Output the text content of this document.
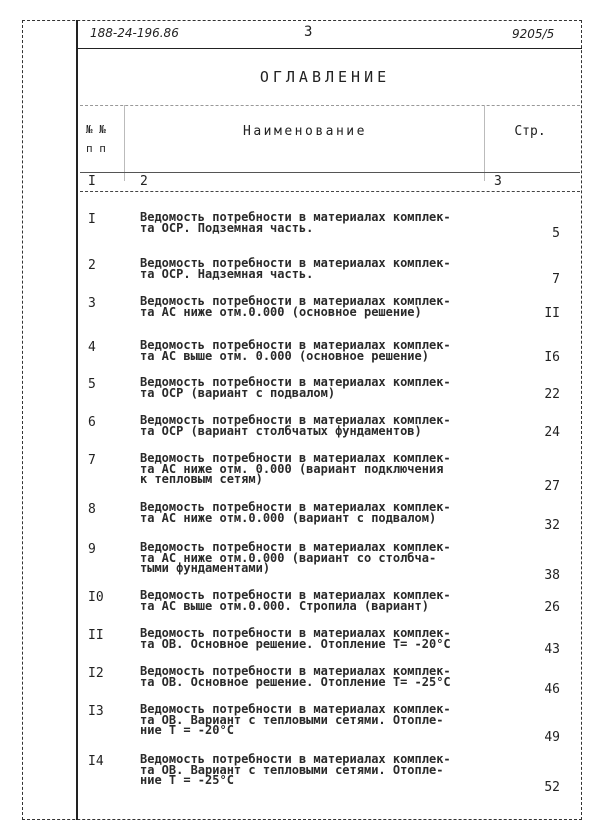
188-24-196.86	3	9205/5
ОГЛАВЛЕНИЕ
№ №
п п
Наименование	Стр.
I	2	3
I	Ведомость потребности в материалах комплек-
та ОСР. Подземная часть.	5
2	Ведомость потребности в материалах комплек-
та ОСР. Надземная часть.	7
3	Ведомость потребности в материалах комплек-
та АС ниже отм.0.000 (основное решение)	II
4	Ведомость потребности в материалах комплек-
та АС выше отм. 0.000 (основное решение)	I6
5	Ведомость потребности в материалах комплек-
та ОСР (вариант с подвалом)	22
6	Ведомость потребности в материалах комплек-
та ОСР (вариант столбчатых фундаментов)	24
7	Ведомость потребности в материалах комплек-
та АС ниже отм. 0.000 (вариант подключения
к тепловым сетям)	27
8	Ведомость потребности в материалах комплек-
та АС ниже отм.0.000 (вариант с подвалом)
32
9	Ведомость потребности в материалах комплек-
та АС ниже отм.0.000 (вариант со столбча-
тыми фундаментами)	38
I0	Ведомость потребности в материалах комплек-
та АС выше отм.0.000. Стропила (вариант)	26
II	Ведомость потребности в материалах комплек-
та ОВ. Основное решение. Отопление Т= -20°С	43
I2	Ведомость потребности в материалах комплек-
та ОВ. Основное решение. Отопление Т= -25°С
46
I3	Ведомость потребности в материалах комплек-
та ОВ. Вариант с тепловыми сетями. Отопле-
ние Т = -20°С	49
I4	Ведомость потребности в материалах комплек-
та ОВ. Вариант с тепловыми сетями. Отопле-
ние Т = -25°С	52
